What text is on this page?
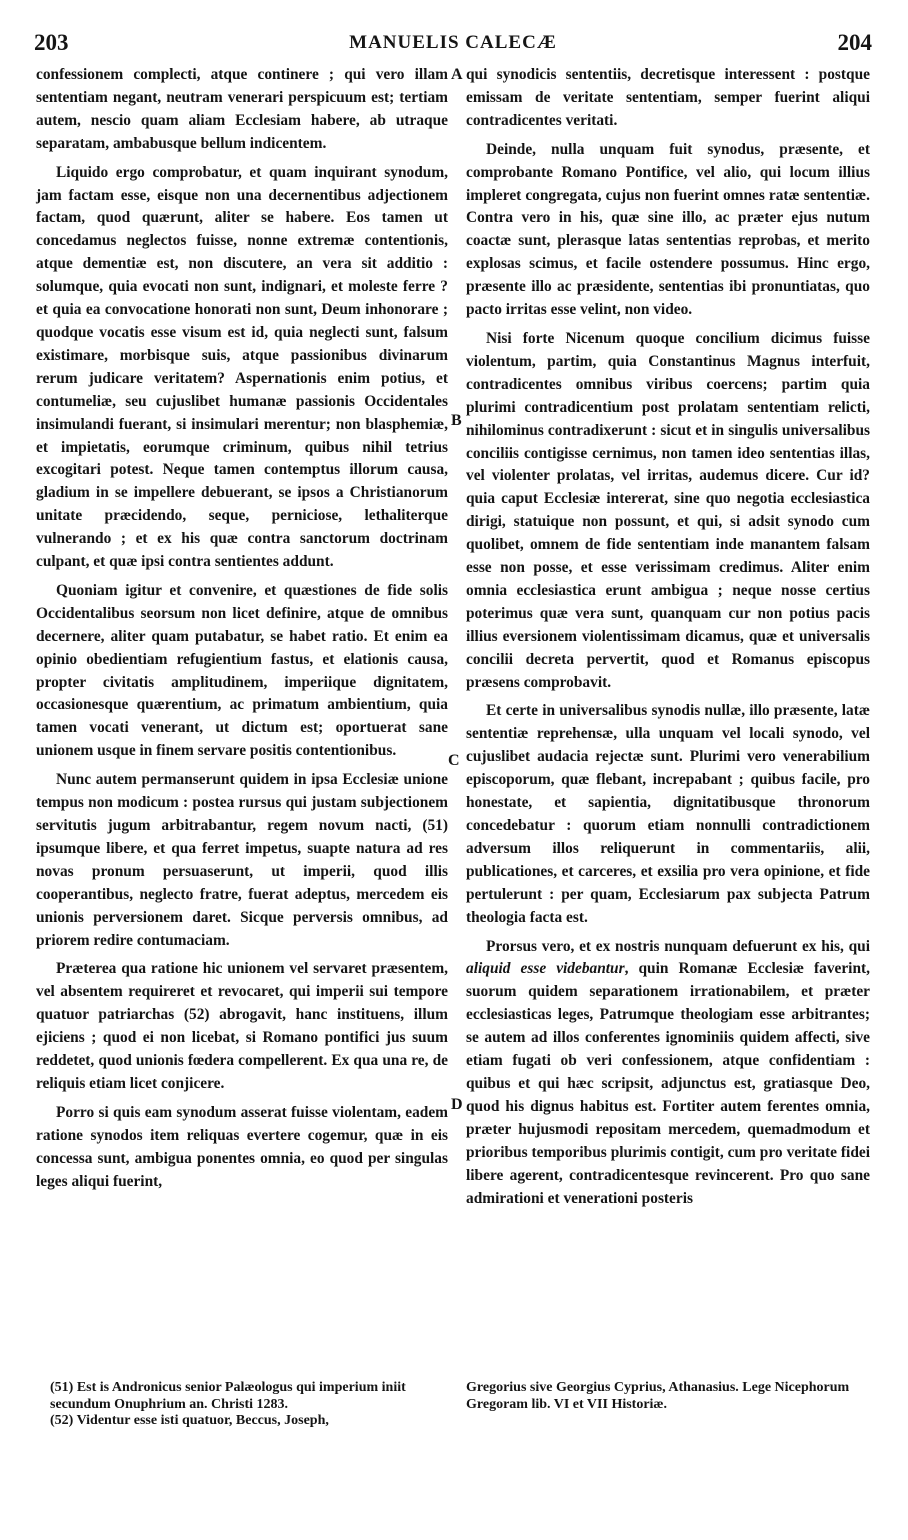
203	MANUELIS CALECÆ	204
A
B
C
D

confessionem complecti, atque continere ; qui vero illam sententiam negant, neutram venerari perspicuum est; tertiam autem, nescio quam aliam Ecclesiam habere, ab utraque separatam, ambabusque bellum indicentem.

Liquido ergo comprobatur, et quam inquirant synodum, jam factam esse, eisque non una decernentibus adjectionem factam, quod quærunt, aliter se habere. Eos tamen ut concedamus neglectos fuisse, nonne extremæ contentionis, atque dementiæ est, non discutere, an vera sit additio : solumque, quia evocati non sunt, indignari, et moleste ferre ? et quia ea convocatione honorati non sunt, Deum inhonorare ; quodque vocatis esse visum est id, quia neglecti sunt, falsum existimare, morbisque suis, atque passionibus divinarum rerum judicare veritatem? Aspernationis enim potius, et contumeliæ, seu cujuslibet humanæ passionis Occidentales insimulandi fuerant, si insimulari merentur; non blasphemiæ, et impietatis, eorumque criminum, quibus nihil tetrius excogitari potest. Neque tamen contemptus illorum causa, gladium in se impellere debuerant, se ipsos a Christianorum unitate præcidendo, seque, perniciose, lethaliterque vulnerando ; et ex his quæ contra sanctorum doctrinam culpant, et quæ ipsi contra sentientes addunt.

Quoniam igitur et convenire, et quæstiones de fide solis Occidentalibus seorsum non licet definire, atque de omnibus decernere, aliter quam putabatur, se habet ratio. Et enim ea opinio obedientiam refugientium fastus, et elationis causa, propter civitatis amplitudinem, imperiique dignitatem, occasionesque quærentium, ac primatum ambientium, quia tamen vocati venerant, ut dictum est; oportuerat sane unionem usque in finem servare positis contentionibus.

Nunc autem permanserunt quidem in ipsa Ecclesiæ unione tempus non modicum : postea rursus qui justam subjectionem servitutis jugum arbitrabantur, regem novum nacti, (51) ipsumque libere, et qua ferret impetus, suapte natura ad res novas pronum persuaserunt, ut imperii, quod illis cooperantibus, neglecto fratre, fuerat adeptus, mercedem eis unionis perversionem daret. Sicque perversis omnibus, ad priorem redire contumaciam.

Præterea qua ratione hic unionem vel servaret præsentem, vel absentem requireret et revocaret, qui imperii sui tempore quatuor patriarchas (52) abrogavit, hanc instituens, illum ejiciens ; quod ei non licebat, si Romano pontifici jus suum reddetet, quod unionis fœdera compellerent. Ex qua una re, de reliquis etiam licet conjicere.

Porro si quis eam synodum asserat fuisse violentam, eadem ratione synodos item reliquas evertere cogemur, quæ in eis concessa sunt, ambigua ponentes omnia, eo quod per singulas leges aliqui fuerint,

qui synodicis sententiis, decretisque interessent : postque emissam de veritate sententiam, semper fuerint aliqui contradicentes veritati.

Deinde, nulla unquam fuit synodus, præsente, et comprobante Romano Pontifice, vel alio, qui locum illius impleret congregata, cujus non fuerint omnes ratæ sententiæ. Contra vero in his, quæ sine illo, ac præter ejus nutum coactæ sunt, plerasque latas sententias reprobas, et merito explosas scimus, et facile ostendere possumus. Hinc ergo, præsente illo ac præsidente, sententias ibi pronuntiatas, quo pacto irritas esse velint, non video.

Nisi forte Nicenum quoque concilium dicimus fuisse violentum, partim, quia Constantinus Magnus interfuit, contradicentes omnibus viribus coercens; partim quia plurimi contradicentium post prolatam sententiam relicti, nihilominus contradixerunt : sicut et in singulis universalibus conciliis contigisse cernimus, non tamen ideo sententias illas, vel violenter prolatas, vel irritas, audemus dicere. Cur id? quia caput Ecclesiæ intererat, sine quo negotia ecclesiastica dirigi, statuique non possunt, et qui, si adsit synodo cum quolibet, omnem de fide sententiam inde manantem falsam esse non posse, et esse verissimam credimus. Aliter enim omnia ecclesiastica erunt ambigua ; neque nosse certius poterimus quæ vera sunt, quanquam cur non potius pacis illius eversionem violentissimam dicamus, quæ et universalis concilii decreta pervertit, quod et Romanus episcopus præsens comprobavit.

Et certe in universalibus synodis nullæ, illo præsente, latæ sententiæ reprehensæ, ulla unquam vel locali synodo, vel cujuslibet audacia rejectæ sunt. Plurimi vero venerabilium episcoporum, quæ flebant, increpabant ; quibus facile, pro honestate, et sapientia, dignitatibusque thronorum concedebatur : quorum etiam nonnulli contradictionem adversum illos reliquerunt in commentariis, alii, publicationes, et carceres, et exsilia pro vera opinione, et fide pertulerunt : per quam, Ecclesiarum pax subjecta Patrum theologia facta est.

Prorsus vero, et ex nostris nunquam defuerunt ex his, qui aliquid esse videbantur, quin Romanæ Ecclesiæ faverint, suorum quidem separationem irrationabilem, et præter ecclesiasticas leges, Patrumque theologiam esse arbitrantes; se autem ad illos conferentes ignominiis quidem affecti, sive etiam fugati ob veri confessionem, atque confidentiam : quibus et qui hæc scripsit, adjunctus est, gratiasque Deo, quod his dignus habitus est. Fortiter autem ferentes omnia, præter hujusmodi repositam mercedem, quemadmodum et prioribus temporibus plurimis contigit, cum pro veritate fidei libere agerent, contradicentesque revincerent. Pro quo sane admirationi et venerationi posteris

(51) Est is Andronicus senior Palæologus qui imperium iniit secundum Onuphrium an. Christi 1283.

(52) Videntur esse isti quatuor, Beccus, Joseph,

Gregorius sive Georgius Cyprius, Athanasius. Lege Nicephorum Gregoram lib. VI et VII Historiæ.
